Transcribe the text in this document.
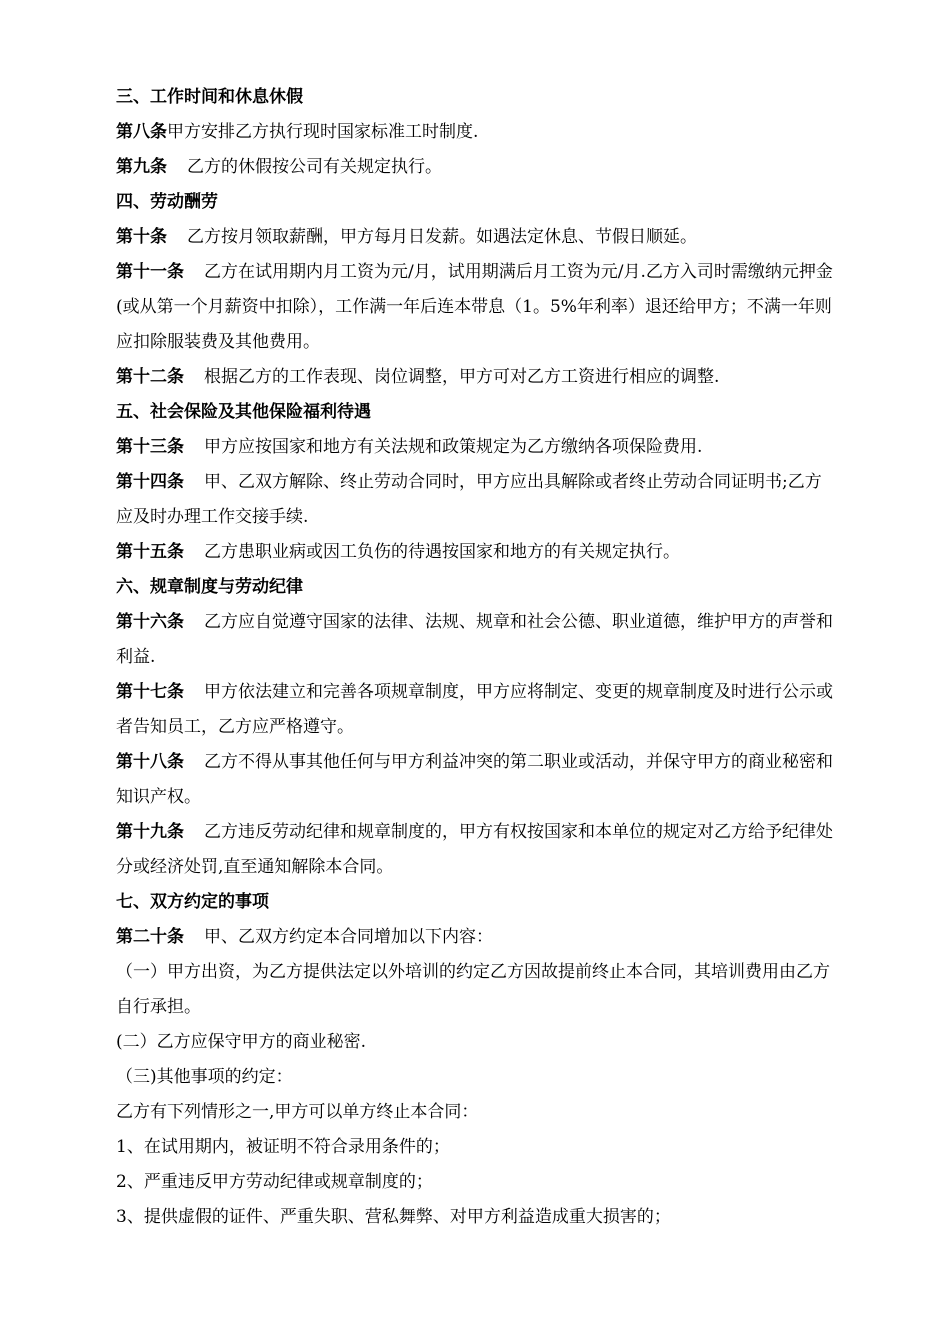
三、工作时间和休息休假

第八条甲方安排乙方执行现时国家标准工时制度.

第九条 乙方的休假按公司有关规定执行。

四、劳动酬劳

第十条 乙方按月领取薪酬，甲方每月日发薪。如遇法定休息、节假日顺延。

第十一条 乙方在试用期内月工资为元/月，试用期满后月工资为元/月.乙方入司时需缴纳元押金(或从第一个月薪资中扣除），工作满一年后连本带息（1。5%年利率）退还给甲方；不满一年则应扣除服装费及其他费用。

第十二条 根据乙方的工作表现、岗位调整，甲方可对乙方工资进行相应的调整.

五、社会保险及其他保险福利待遇

第十三条 甲方应按国家和地方有关法规和政策规定为乙方缴纳各项保险费用.

第十四条 甲、乙双方解除、终止劳动合同时，甲方应出具解除或者终止劳动合同证明书;乙方应及时办理工作交接手续.

第十五条 乙方患职业病或因工负伤的待遇按国家和地方的有关规定执行。

六、规章制度与劳动纪律

第十六条 乙方应自觉遵守国家的法律、法规、规章和社会公德、职业道德，维护甲方的声誉和利益.

第十七条 甲方依法建立和完善各项规章制度，甲方应将制定、变更的规章制度及时进行公示或者告知员工，乙方应严格遵守。

第十八条 乙方不得从事其他任何与甲方利益冲突的第二职业或活动，并保守甲方的商业秘密和知识产权。

第十九条 乙方违反劳动纪律和规章制度的，甲方有权按国家和本单位的规定对乙方给予纪律处分或经济处罚,直至通知解除本合同。

七、双方约定的事项

第二十条 甲、乙双方约定本合同增加以下内容：

（一）甲方出资，为乙方提供法定以外培训的约定乙方因故提前终止本合同，其培训费用由乙方自行承担。

(二）乙方应保守甲方的商业秘密.

（三)其他事项的约定：

乙方有下列情形之一,甲方可以单方终止本合同：

1、在试用期内，被证明不符合录用条件的；

2、严重违反甲方劳动纪律或规章制度的；

3、提供虚假的证件、严重失职、营私舞弊、对甲方利益造成重大损害的；
